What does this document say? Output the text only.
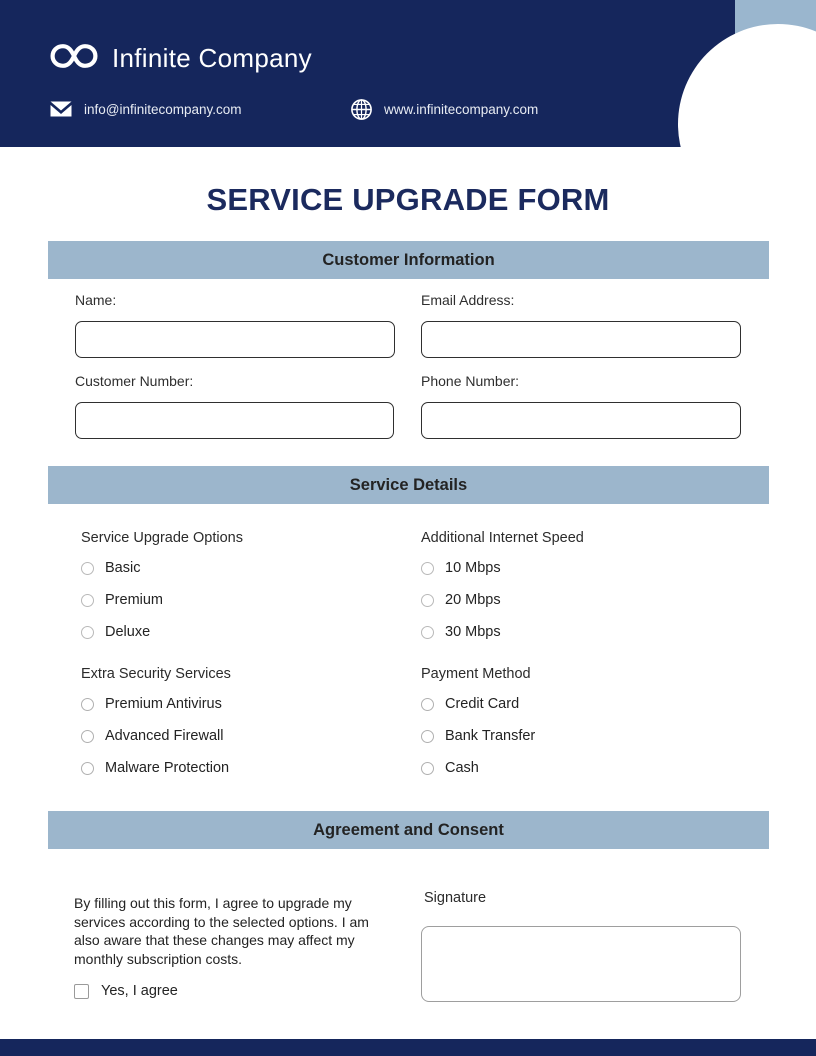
Infinite Company
info@infinitecompany.com	www.infinitecompany.com
SERVICE UPGRADE FORM
Customer Information
Name:	Email Address:
Customer Number:	Phone Number:
Service Details
Service Upgrade Options
Basic
Premium
Deluxe
Additional Internet Speed
10 Mbps
20 Mbps
30 Mbps
Extra Security Services
Premium Antivirus
Advanced Firewall
Malware Protection
Payment Method
Credit Card
Bank Transfer
Cash
Agreement and Consent
By filling out this form, I agree to upgrade my services according to the selected options. I am also aware that these changes may affect my monthly subscription costs.
Yes, I agree
Signature
